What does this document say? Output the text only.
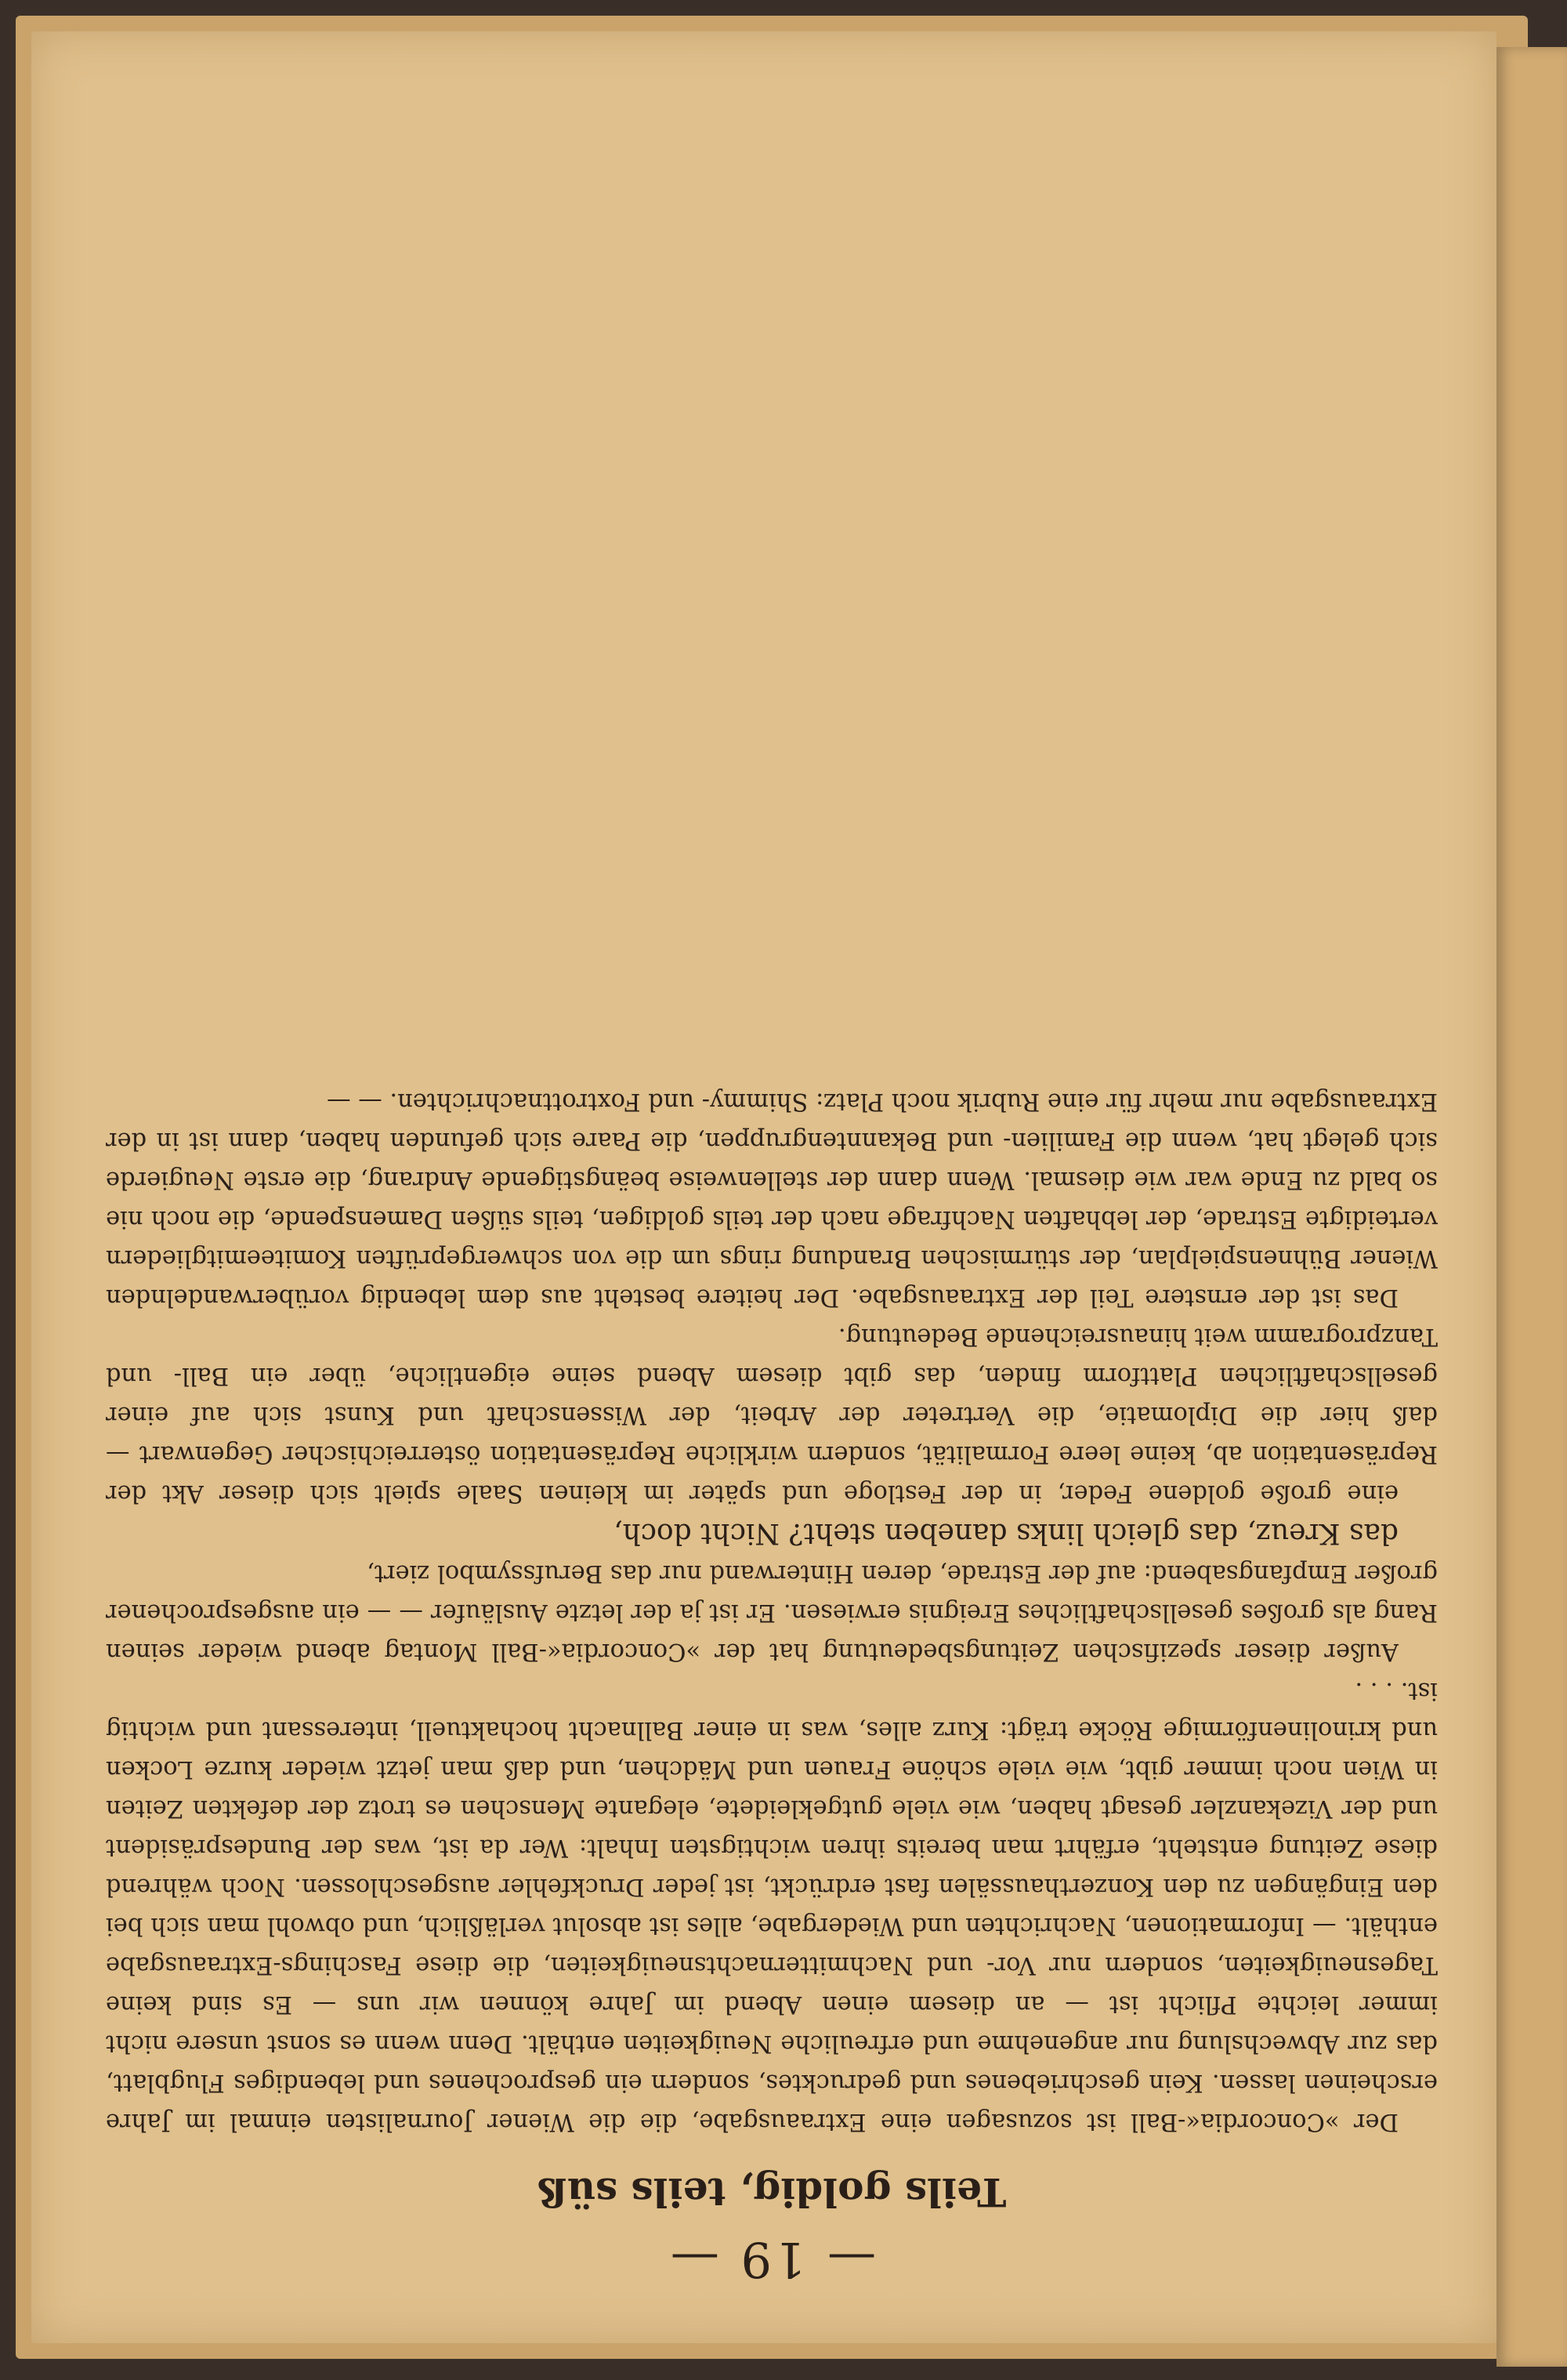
— 19 —
Teils goldig, teils süß

Der »Concordia«-Ball ist sozusagen eine Extraausgabe, die die Wiener Journalisten einmal im Jahre erscheinen lassen. Kein geschriebenes und gedrucktes, sondern ein gesprochenes und lebendiges Flugblatt, das zur Abwechslung nur angenehme und erfreuliche Neuigkeiten enthält. Denn wenn es sonst unsere nicht immer leichte Pflicht ist — an diesem einen Abend im Jahre können wir uns — Es sind keine Tagesneuigkeiten, sondern nur Vor- und Nachmitternachtsneuigkeiten, die diese Faschings-Extraausgabe enthält. — Informationen, Nachrichten und Wiedergabe, alles ist absolut verläßlich, und obwohl man sich bei den Eingängen zu den Konzerthaussälen fast erdrückt, ist jeder Druckfehler ausgeschlossen. Noch während diese Zeitung entsteht, erfährt man bereits ihren wichtigsten Inhalt: Wer da ist, was der Bundespräsident und der Vizekanzler gesagt haben, wie viele gutgekleidete, elegante Menschen es trotz der defekten Zeiten in Wien noch immer gibt, wie viele schöne Frauen und Mädchen, und daß man jetzt wieder kurze Locken und krinolinenförmige Röcke trägt: Kurz alles, was in einer Ballnacht hochaktuell, interessant und wichtig ist. . . .

Außer dieser spezifischen Zeitungsbedeutung hat der »Concordia«-Ball Montag abend wieder seinen Rang als großes gesellschaftliches Ereignis erwiesen. Er ist ja der letzte Ausläufer — — ein ausgesprochener großer Empfangsabend: auf der Estrade, deren Hinterwand nur das Berufssymbol ziert,

das Kreuz, das gleich links daneben steht? Nicht doch,

eine große goldene Feder, in der Festloge und später im kleinen Saale spielt sich dieser Akt der Repräsentation ab, keine leere Formalität, sondern wirkliche Repräsentation österreichischer Gegenwart — daß hier die Diplomatie, die Vertreter der Arbeit, der Wissenschaft und Kunst sich auf einer gesellschaftlichen Plattform finden, das gibt diesem Abend seine eigentliche, über ein Ball- und Tanzprogramm weit hinausreichende Bedeutung.

Das ist der ernstere Teil der Extraausgabe. Der heitere besteht aus dem lebendig vorüberwandelnden Wiener Bühnenspielplan, der stürmischen Brandung rings um die von schwergeprüften Komiteemitgliedern verteidigte Estrade, der lebhaften Nachfrage nach der teils goldigen, teils süßen Damenspende, die noch nie so bald zu Ende war wie diesmal. Wenn dann der stellenweise beängstigende Andrang, die erste Neugierde sich gelegt hat, wenn die Familien- und Bekanntengruppen, die Paare sich gefunden haben, dann ist in der Extraausgabe nur mehr für eine Rubrik noch Platz: Shimmy- und Foxtrottnachrichten. — —
